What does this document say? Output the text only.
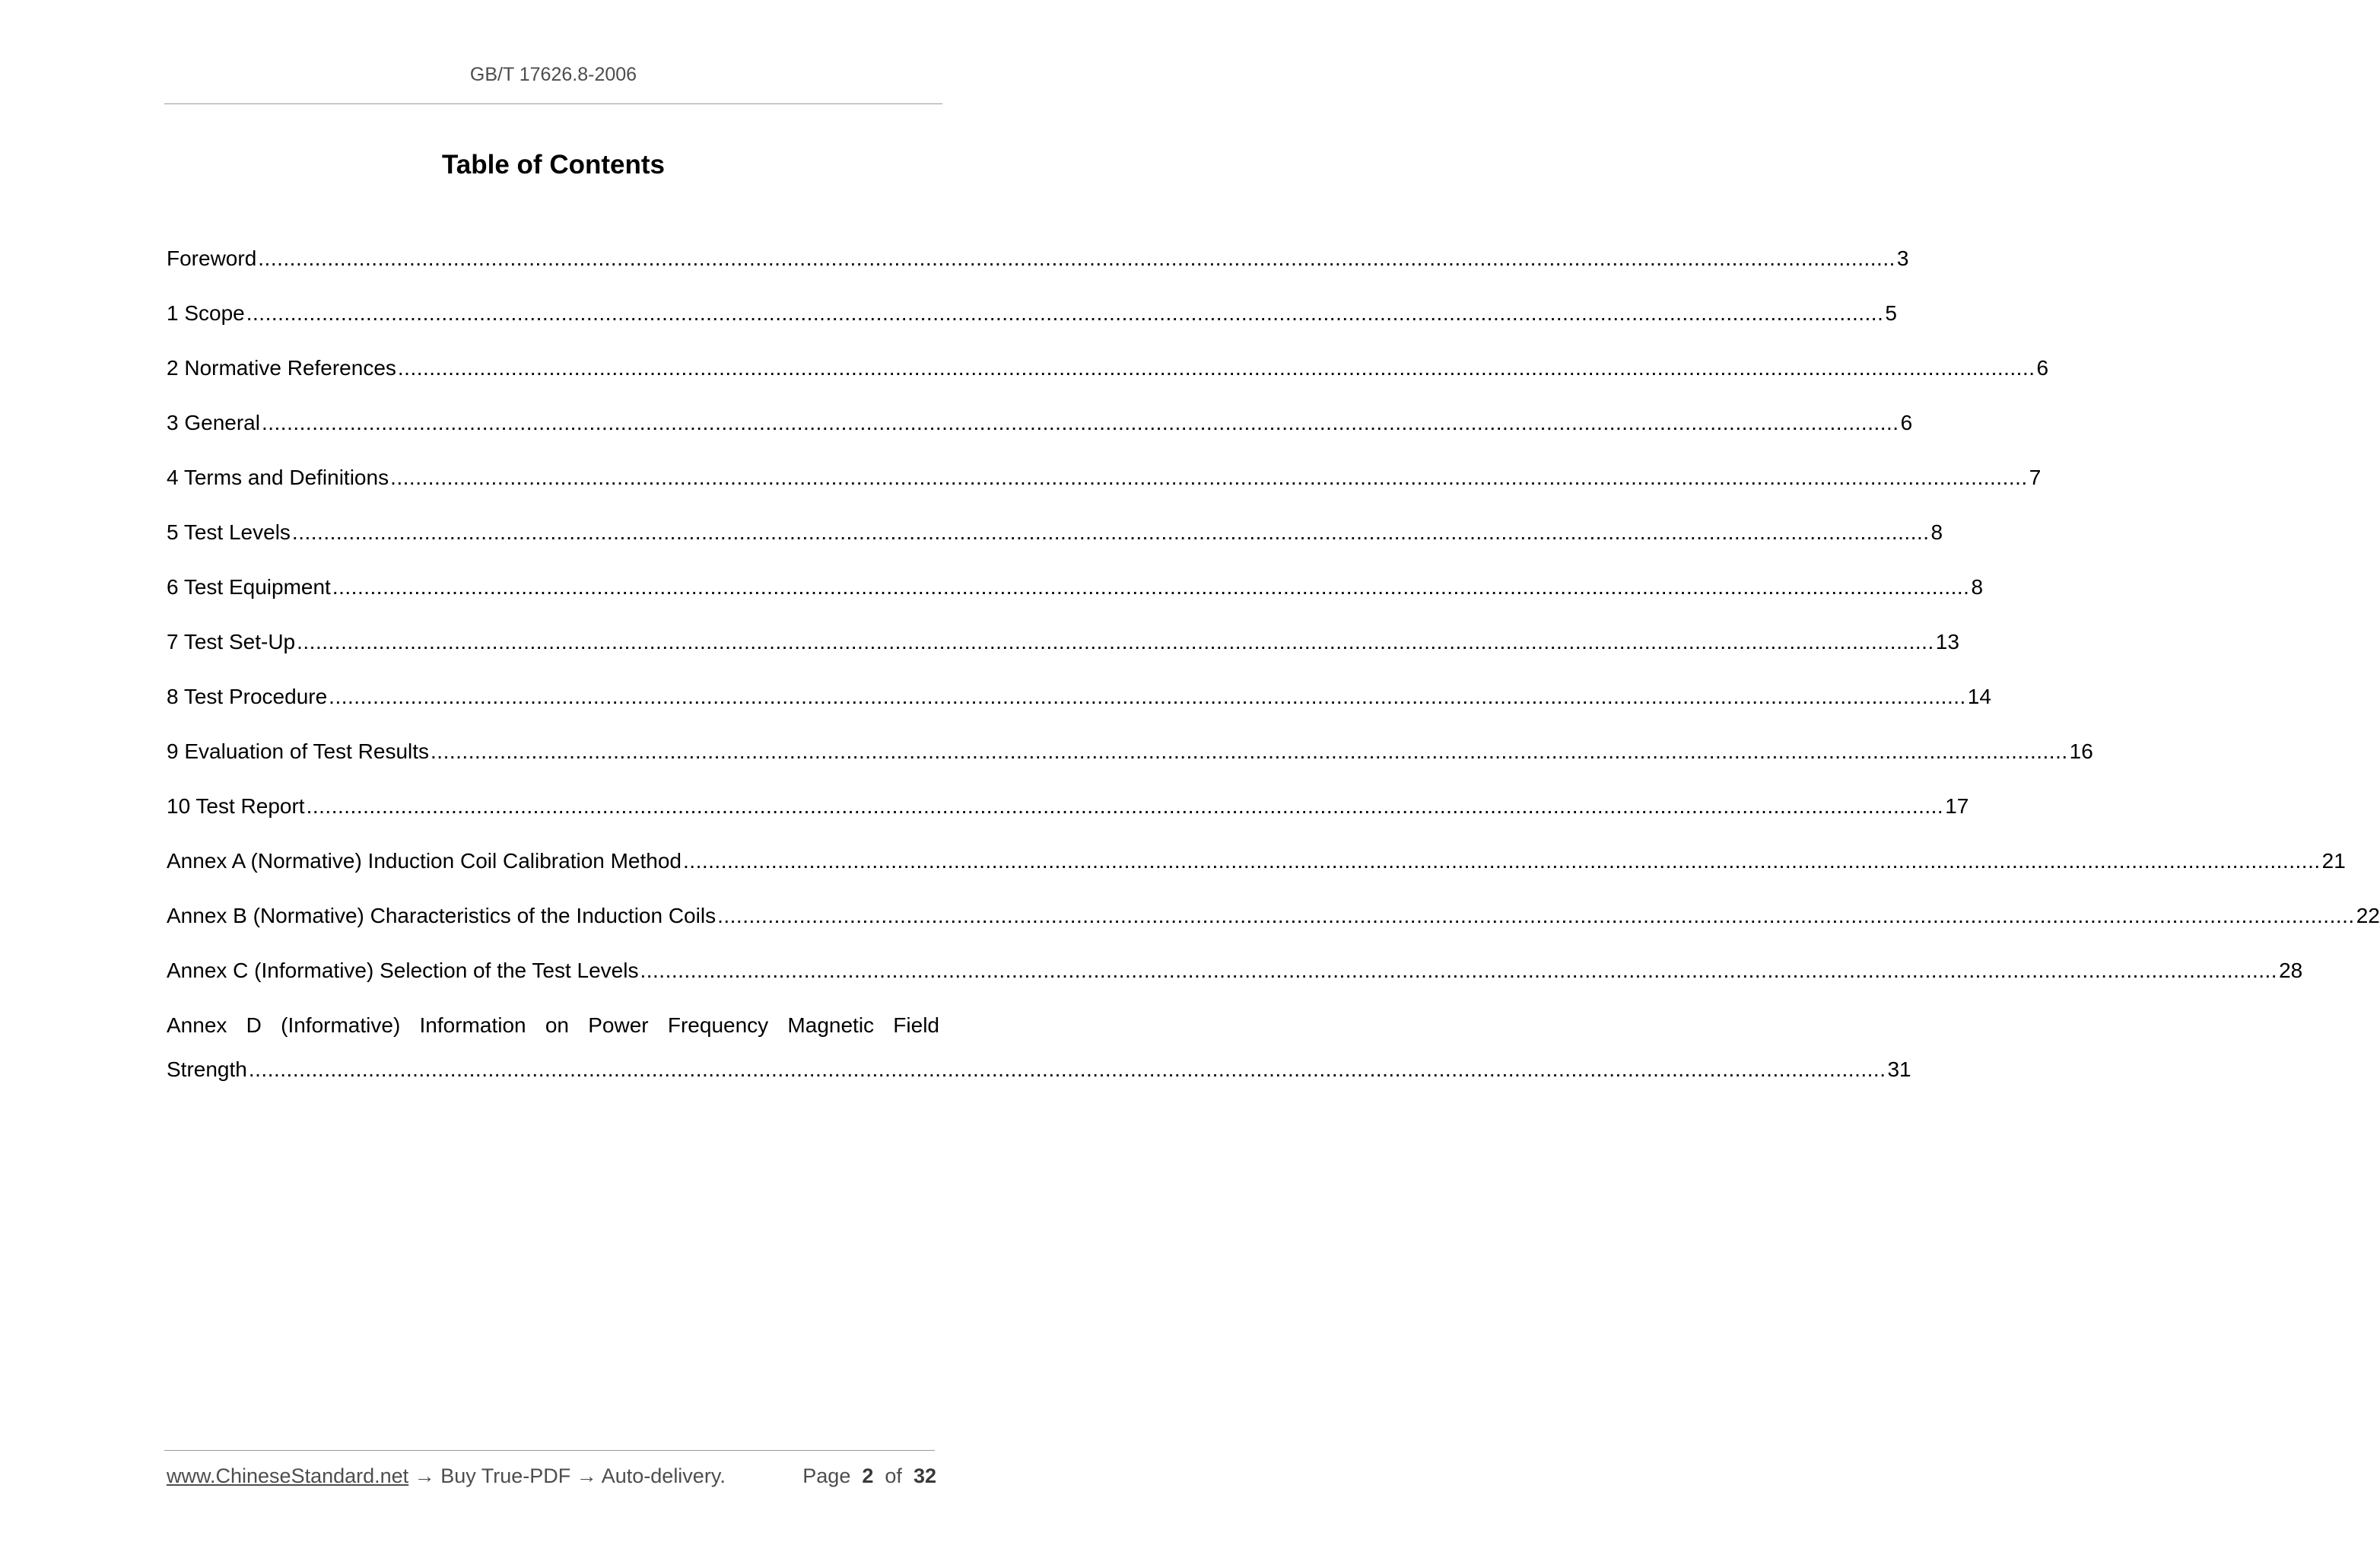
GB/T 17626.8-2006
Table of Contents
Foreword .................................................................................................................................................................................................................................................................... 3
1 Scope .................................................................................................................................................................................................................................................................... 5
2 Normative References .................................................................................................................................................................................................................................................................... 6
3 General .................................................................................................................................................................................................................................................................... 6
4 Terms and Definitions .................................................................................................................................................................................................................................................................... 7
5 Test Levels .................................................................................................................................................................................................................................................................... 8
6 Test Equipment .................................................................................................................................................................................................................................................................... 8
7 Test Set-Up .................................................................................................................................................................................................................................................................... 13
8 Test Procedure .................................................................................................................................................................................................................................................................... 14
9 Evaluation of Test Results .................................................................................................................................................................................................................................................................... 16
10 Test Report .................................................................................................................................................................................................................................................................... 17
Annex A (Normative) Induction Coil Calibration Method .................................................................................................................................................................................................................................................................... 21
Annex B (Normative) Characteristics of the Induction Coils .................................................................................................................................................................................................................................................................... 22
Annex C (Informative) Selection of the Test Levels .................................................................................................................................................................................................................................................................... 28
Annex D (Informative) Information on Power Frequency Magnetic Field
Strength .................................................................................................................................................................................................................................................................... 31
www.ChineseStandard.net → Buy True-PDF → Auto-delivery.	Page 2 of 32
